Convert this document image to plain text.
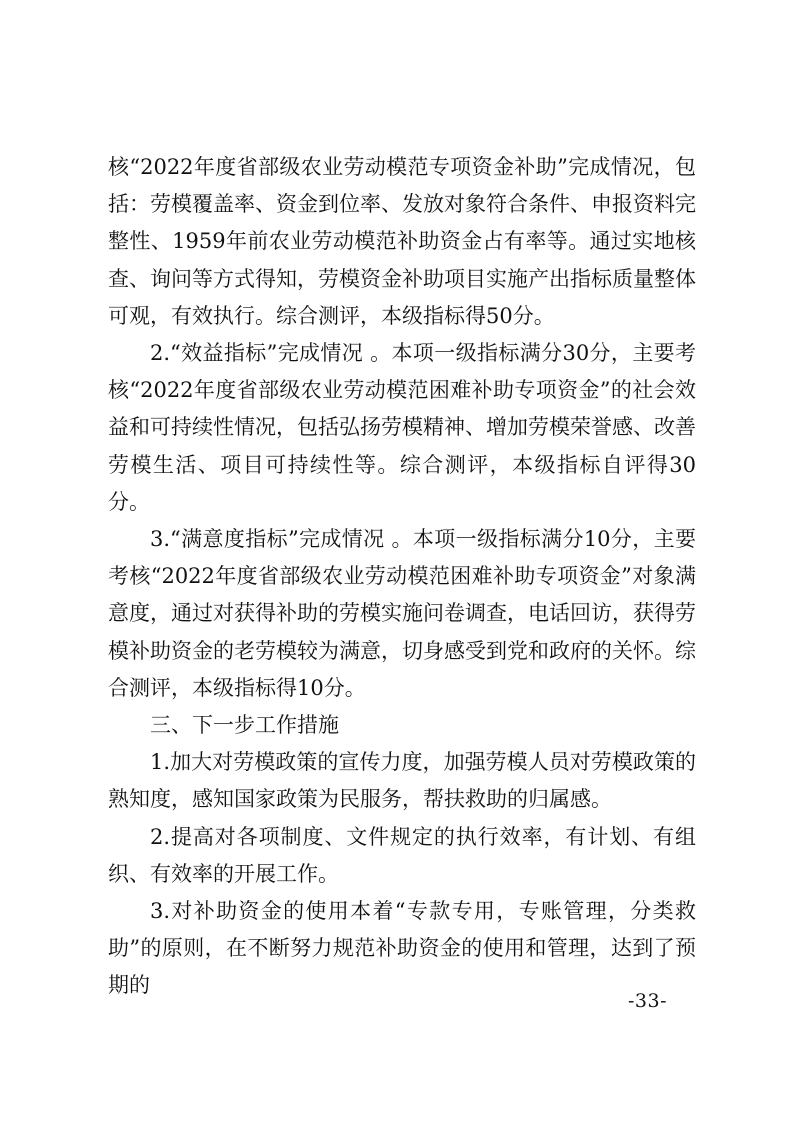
核“2022年度省部级农业劳动模范专项资金补助”完成情况，包括：劳模覆盖率、资金到位率、发放对象符合条件、申报资料完整性、1959年前农业劳动模范补助资金占有率等。通过实地核查、询问等方式得知，劳模资金补助项目实施产出指标质量整体可观，有效执行。综合测评，本级指标得50分。

2.“效益指标”完成情况 。本项一级指标满分30分，主要考核“2022年度省部级农业劳动模范困难补助专项资金”的社会效益和可持续性情况，包括弘扬劳模精神、增加劳模荣誉感、改善劳模生活、项目可持续性等。综合测评，本级指标自评得30分。

3.“满意度指标”完成情况 。本项一级指标满分10分，主要考核“2022年度省部级农业劳动模范困难补助专项资金”对象满意度，通过对获得补助的劳模实施问卷调查，电话回访，获得劳模补助资金的老劳模较为满意，切身感受到党和政府的关怀。综合测评，本级指标得10分。

三、下一步工作措施

1.加大对劳模政策的宣传力度，加强劳模人员对劳模政策的熟知度，感知国家政策为民服务，帮扶救助的归属感。

2.提高对各项制度、文件规定的执行效率，有计划、有组织、有效率的开展工作。

3.对补助资金的使用本着“专款专用，专账管理，分类救助”的原则，在不断努力规范补助资金的使用和管理，达到了预期的

-33-
